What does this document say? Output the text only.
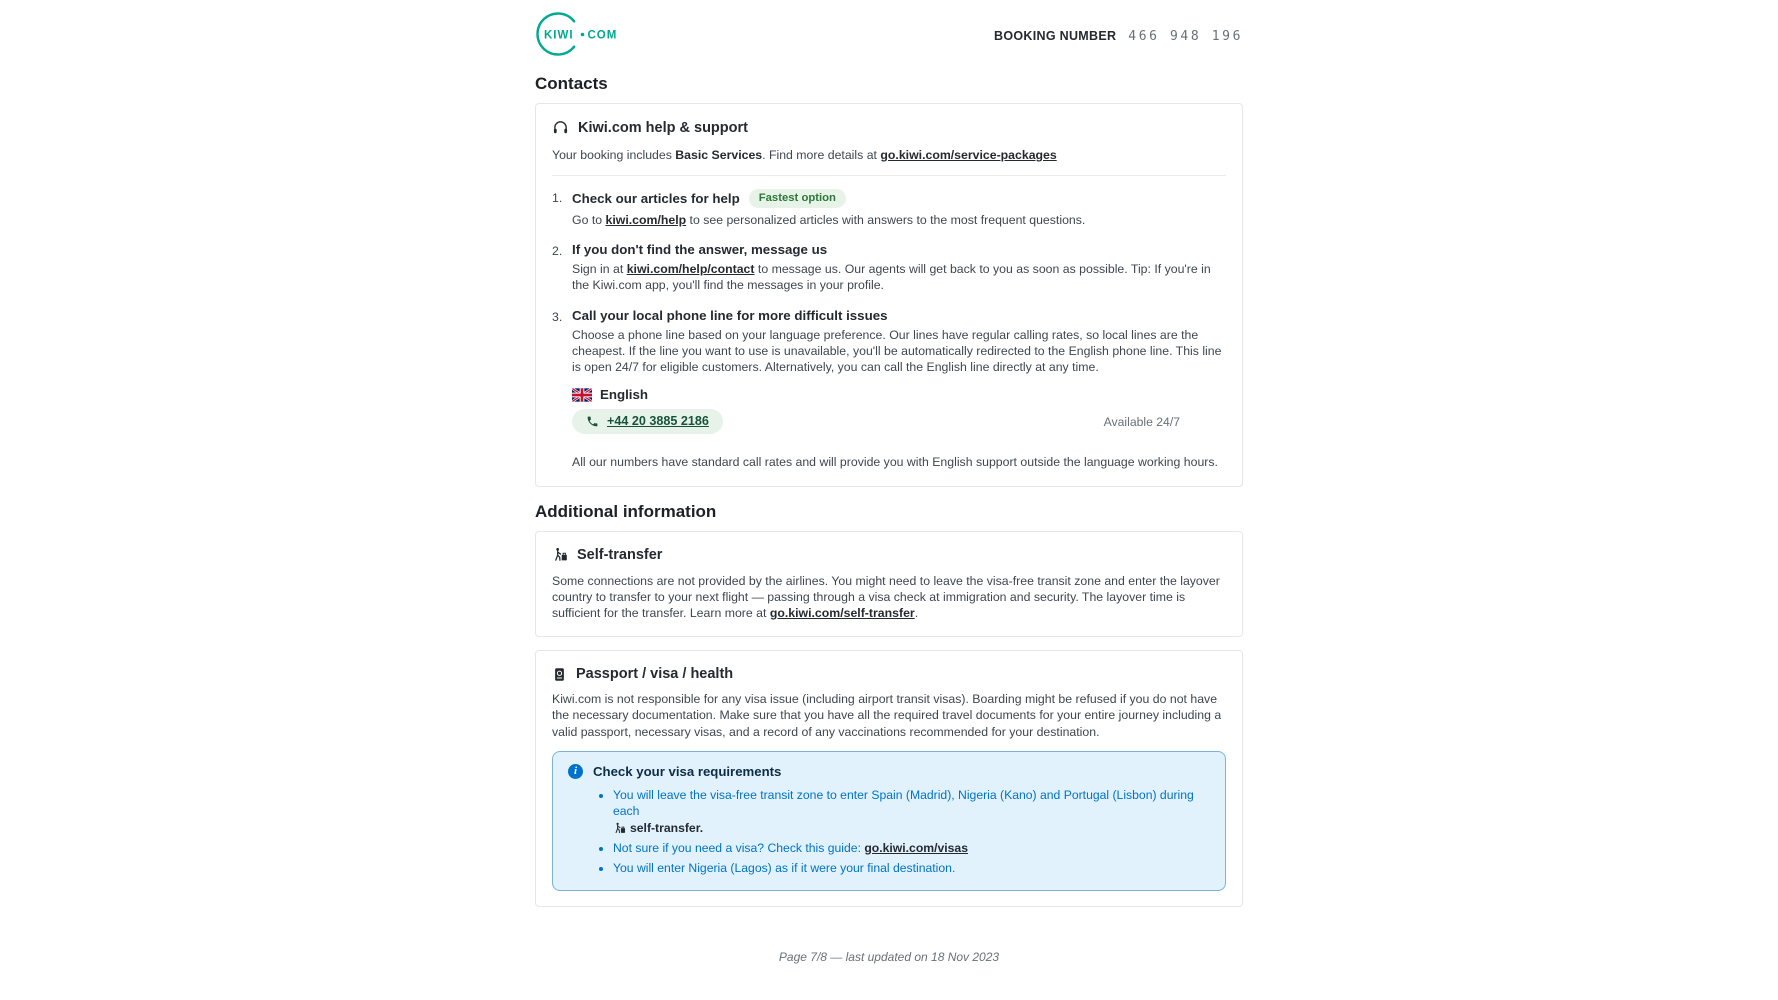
KIWI COM	BOOKING NUMBER 466 948 196
Contacts
Kiwi.com help & support

Your booking includes Basic Services. Find more details at go.kiwi.com/service-packages

1. Check our articles for help	Fastest option

Go to kiwi.com/help to see personalized articles with answers to the most frequent questions.

2. If you don't find the answer, message us

Sign in at kiwi.com/help/contact to message us. Our agents will get back to you as soon as possible. Tip: If you're in the Kiwi.com app, you'll find the messages in your profile.

3. Call your local phone line for more difficult issues

Choose a phone line based on your language preference. Our lines have regular calling rates, so local lines are the cheapest. If the line you want to use is unavailable, you'll be automatically redirected to the English phone line. This line is open 24/7 for eligible customers. Alternatively, you can call the English line directly at any time.

English
+44 20 3885 2186	Available 24/7

All our numbers have standard call rates and will provide you with English support outside the language working hours.

Additional information
Self-transfer

Some connections are not provided by the airlines. You might need to leave the visa-free transit zone and enter the layover country to transfer to your next flight — passing through a visa check at immigration and security. The layover time is sufficient for the transfer. Learn more at go.kiwi.com/self-transfer.

Passport / visa / health

Kiwi.com is not responsible for any visa issue (including airport transit visas). Boarding might be refused if you do not have the necessary documentation. Make sure that you have all the required travel documents for your entire journey including a valid passport, necessary visas, and a record of any vaccinations recommended for your destination.

i
Check your visa requirements
• You will leave the visa-free transit zone to enter Spain (Madrid), Nigeria (Kano) and Portugal (Lisbon) during each

self-transfer.
• Not sure if you need a visa? Check this guide: go.kiwi.com/visas
• You will enter Nigeria (Lagos) as if it were your final destination.
Page 7/8 — last updated on 18 Nov 2023
